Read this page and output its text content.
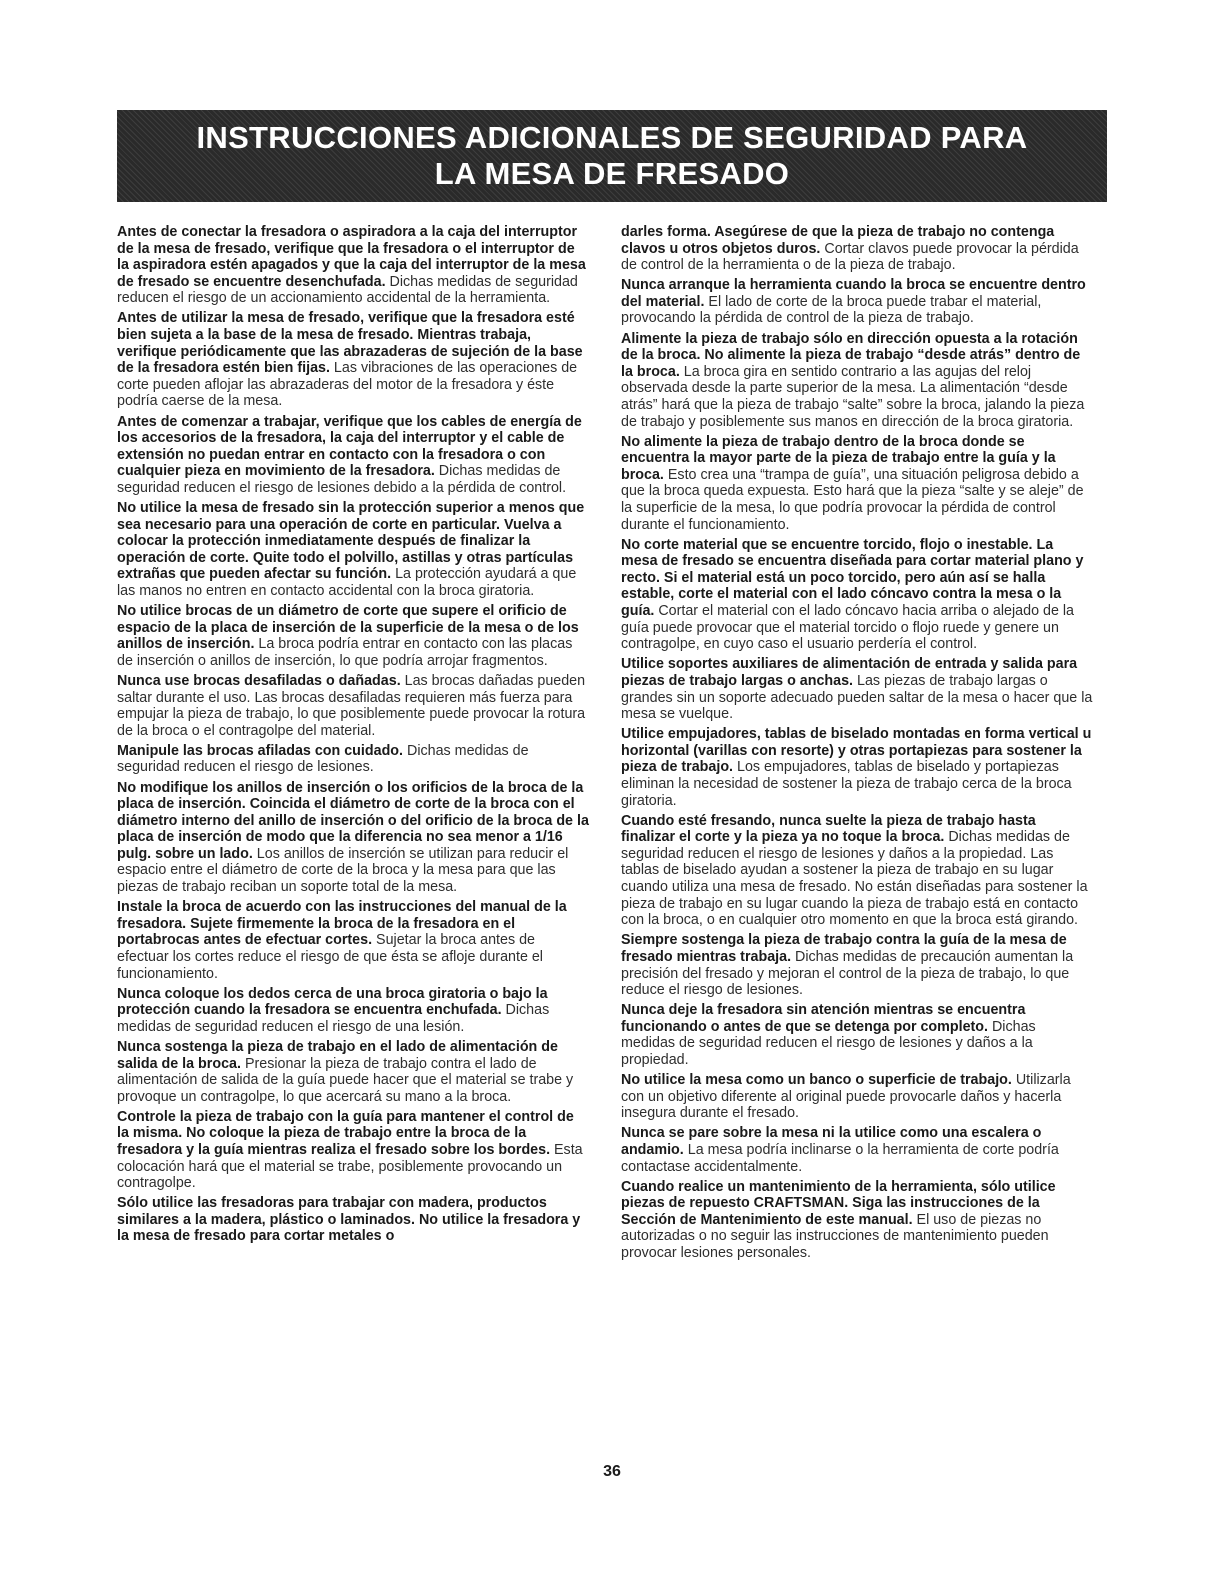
INSTRUCCIONES ADICIONALES DE SEGURIDAD PARA
LA MESA DE FRESADO

Antes de conectar la fresadora o aspiradora a la caja del interruptor de la mesa de fresado, verifique que la fresadora o el interruptor de la aspiradora estén apagados y que la caja del interruptor de la mesa de fresado se encuentre desenchufada. Dichas medidas de seguridad reducen el riesgo de un accionamiento accidental de la herramienta.

Antes de utilizar la mesa de fresado, verifique que la fresadora esté bien sujeta a la base de la mesa de fresado. Mientras trabaja, verifique periódicamente que las abrazaderas de sujeción de la base de la fresadora estén bien fijas. Las vibraciones de las operaciones de corte pueden aflojar las abrazaderas del motor de la fresadora y éste podría caerse de la mesa.

Antes de comenzar a trabajar, verifique que los cables de energía de los accesorios de la fresadora, la caja del interruptor y el cable de extensión no puedan entrar en contacto con la fresadora o con cualquier pieza en movimiento de la fresadora. Dichas medidas de seguridad reducen el riesgo de lesiones debido a la pérdida de control.

No utilice la mesa de fresado sin la protección superior a menos que sea necesario para una operación de corte en particular. Vuelva a colocar la protección inmediatamente después de finalizar la operación de corte. Quite todo el polvillo, astillas y otras partículas extrañas que pueden afectar su función. La protección ayudará a que las manos no entren en contacto accidental con la broca giratoria.

No utilice brocas de un diámetro de corte que supere el orificio de espacio de la placa de inserción de la superficie de la mesa o de los anillos de inserción. La broca podría entrar en contacto con las placas de inserción o anillos de inserción, lo que podría arrojar fragmentos.

Nunca use brocas desafiladas o dañadas. Las brocas dañadas pueden saltar durante el uso. Las brocas desafiladas requieren más fuerza para empujar la pieza de trabajo, lo que posiblemente puede provocar la rotura de la broca o el contragolpe del material.

Manipule las brocas afiladas con cuidado. Dichas medidas de seguridad reducen el riesgo de lesiones.

No modifique los anillos de inserción o los orificios de la broca de la placa de inserción. Coincida el diámetro de corte de la broca con el diámetro interno del anillo de inserción o del orificio de la broca de la placa de inserción de modo que la diferencia no sea menor a 1/16 pulg. sobre un lado. Los anillos de inserción se utilizan para reducir el espacio entre el diámetro de corte de la broca y la mesa para que las piezas de trabajo reciban un soporte total de la mesa.

Instale la broca de acuerdo con las instrucciones del manual de la fresadora. Sujete firmemente la broca de la fresadora en el portabrocas antes de efectuar cortes. Sujetar la broca antes de efectuar los cortes reduce el riesgo de que ésta se afloje durante el funcionamiento.

Nunca coloque los dedos cerca de una broca giratoria o bajo la protección cuando la fresadora se encuentra enchufada. Dichas medidas de seguridad reducen el riesgo de una lesión.

Nunca sostenga la pieza de trabajo en el lado de alimentación de salida de la broca. Presionar la pieza de trabajo contra el lado de alimentación de salida de la guía puede hacer que el material se trabe y provoque un contragolpe, lo que acercará su mano a la broca.

Controle la pieza de trabajo con la guía para mantener el control de la misma. No coloque la pieza de trabajo entre la broca de la fresadora y la guía mientras realiza el fresado sobre los bordes. Esta colocación hará que el material se trabe, posiblemente provocando un contragolpe.

Sólo utilice las fresadoras para trabajar con madera, productos similares a la madera, plástico o laminados. No utilice la fresadora y la mesa de fresado para cortar metales o

darles forma. Asegúrese de que la pieza de trabajo no contenga clavos u otros objetos duros. Cortar clavos puede provocar la pérdida de control de la herramienta o de la pieza de trabajo.

Nunca arranque la herramienta cuando la broca se encuentre dentro del material. El lado de corte de la broca puede trabar el material, provocando la pérdida de control de la pieza de trabajo.

Alimente la pieza de trabajo sólo en dirección opuesta a la rotación de la broca. No alimente la pieza de trabajo “desde atrás” dentro de la broca. La broca gira en sentido contrario a las agujas del reloj observada desde la parte superior de la mesa. La alimentación “desde atrás” hará que la pieza de trabajo “salte” sobre la broca, jalando la pieza de trabajo y posiblemente sus manos en dirección de la broca giratoria.

No alimente la pieza de trabajo dentro de la broca donde se encuentra la mayor parte de la pieza de trabajo entre la guía y la broca. Esto crea una “trampa de guía”, una situación peligrosa debido a que la broca queda expuesta. Esto hará que la pieza “salte y se aleje” de la superficie de la mesa, lo que podría provocar la pérdida de control durante el funcionamiento.

No corte material que se encuentre torcido, flojo o inestable. La mesa de fresado se encuentra diseñada para cortar material plano y recto. Si el material está un poco torcido, pero aún así se halla estable, corte el material con el lado cóncavo contra la mesa o la guía. Cortar el material con el lado cóncavo hacia arriba o alejado de la guía puede provocar que el material torcido o flojo ruede y genere un contragolpe, en cuyo caso el usuario perdería el control.

Utilice soportes auxiliares de alimentación de entrada y salida para piezas de trabajo largas o anchas. Las piezas de trabajo largas o grandes sin un soporte adecuado pueden saltar de la mesa o hacer que la mesa se vuelque.

Utilice empujadores, tablas de biselado montadas en forma vertical u horizontal (varillas con resorte) y otras portapiezas para sostener la pieza de trabajo. Los empujadores, tablas de biselado y portapiezas eliminan la necesidad de sostener la pieza de trabajo cerca de la broca giratoria.

Cuando esté fresando, nunca suelte la pieza de trabajo hasta finalizar el corte y la pieza ya no toque la broca. Dichas medidas de seguridad reducen el riesgo de lesiones y daños a la propiedad. Las tablas de biselado ayudan a sostener la pieza de trabajo en su lugar cuando utiliza una mesa de fresado. No están diseñadas para sostener la pieza de trabajo en su lugar cuando la pieza de trabajo está en contacto con la broca, o en cualquier otro momento en que la broca está girando.

Siempre sostenga la pieza de trabajo contra la guía de la mesa de fresado mientras trabaja. Dichas medidas de precaución aumentan la precisión del fresado y mejoran el control de la pieza de trabajo, lo que reduce el riesgo de lesiones.

Nunca deje la fresadora sin atención mientras se encuentra funcionando o antes de que se detenga por completo. Dichas medidas de seguridad reducen el riesgo de lesiones y daños a la propiedad.

No utilice la mesa como un banco o superficie de trabajo. Utilizarla con un objetivo diferente al original puede provocarle daños y hacerla insegura durante el fresado.

Nunca se pare sobre la mesa ni la utilice como una escalera o andamio. La mesa podría inclinarse o la herramienta de corte podría contactase accidentalmente.

Cuando realice un mantenimiento de la herramienta, sólo utilice piezas de repuesto CRAFTSMAN. Siga las instrucciones de la Sección de Mantenimiento de este manual. El uso de piezas no autorizadas o no seguir las instrucciones de mantenimiento pueden provocar lesiones personales.

36
